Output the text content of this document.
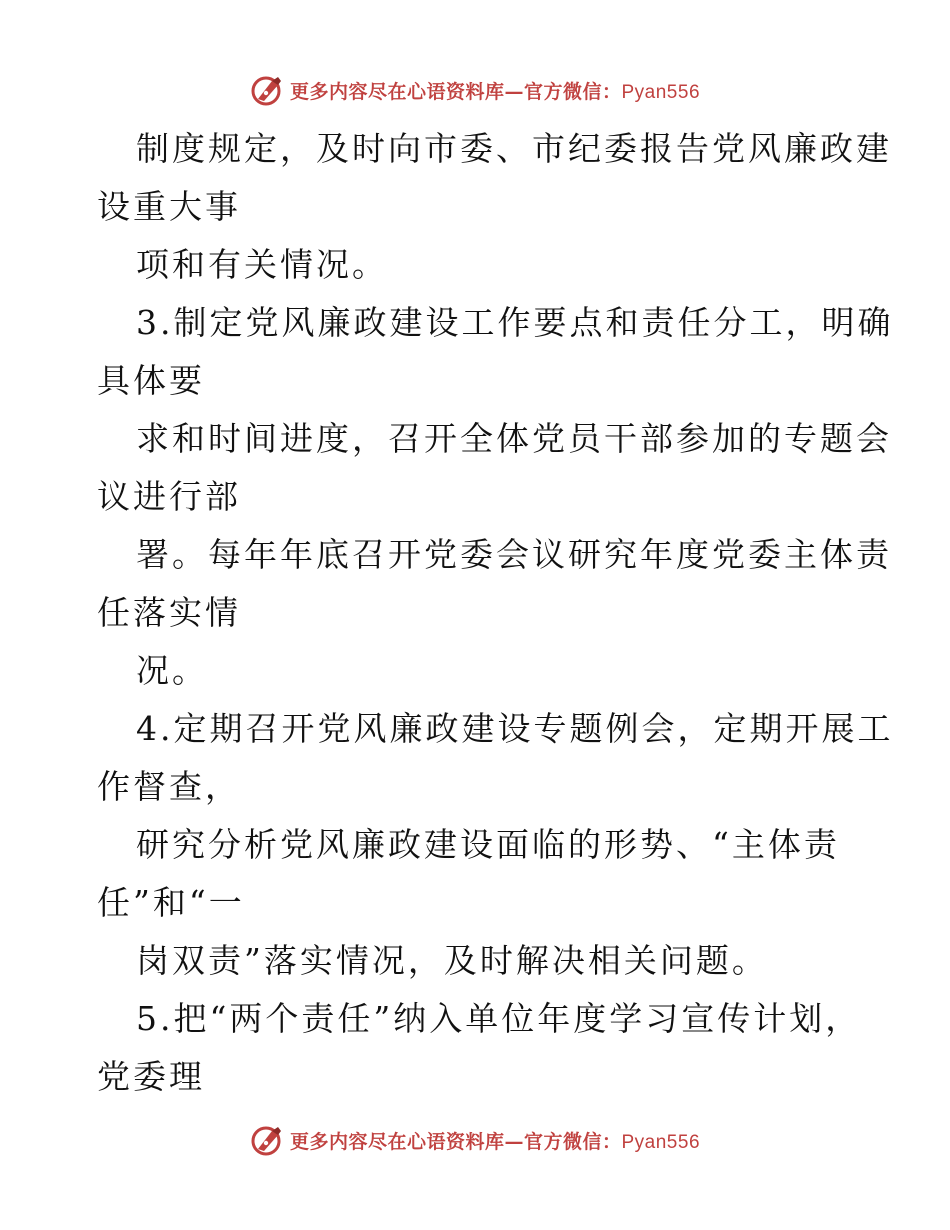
更多内容尽在心语资料库—官方微信：Pyan556
制度规定，及时向市委、市纪委报告党风廉政建
设重大事
项和有关情况。
3.制定党风廉政建设工作要点和责任分工，明确
具体要
求和时间进度，召开全体党员干部参加的专题会
议进行部
署。每年年底召开党委会议研究年度党委主体责
任落实情
况。
4.定期召开党风廉政建设专题例会，定期开展工
作督查，
研究分析党风廉政建设面临的形势、“主体责
任”和“一
岗双责”落实情况，及时解决相关问题。
5.把“两个责任”纳入单位年度学习宣传计划，
党委理
更多内容尽在心语资料库—官方微信：Pyan556
